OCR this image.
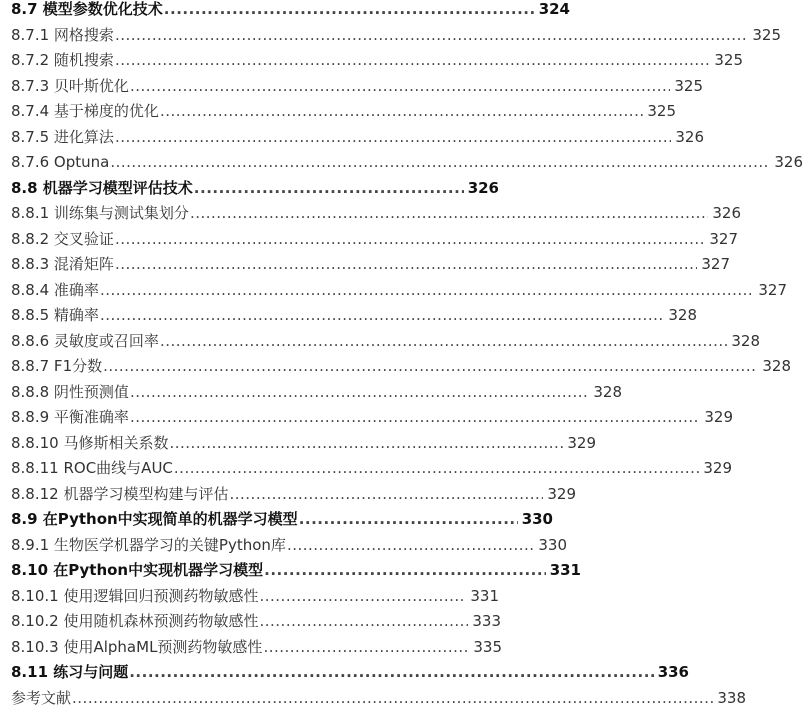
8.7 模型参数优化技术 .....	324
8.7.1 网格搜索 .....	325
8.7.2 随机搜索 .....	325
8.7.3 贝叶斯优化 .....	325
8.7.4 基于梯度的优化 .....	325
8.7.5 进化算法 .....	326
8.7.6 Optuna .....	326
8.8 机器学习模型评估技术 .....	326
8.8.1 训练集与测试集划分 .....	326
8.8.2 交叉验证 .....	327
8.8.3 混淆矩阵 .....	327
8.8.4 准确率 .....	327
8.8.5 精确率 .....	328
8.8.6 灵敏度或召回率 .....	328
8.8.7 F1分数 .....	328
8.8.8 阴性预测值 .....	328
8.8.9 平衡准确率 .....	329
8.8.10 马修斯相关系数 .....	329
8.8.11 ROC曲线与AUC .....	329
8.8.12 机器学习模型构建与评估 .....	329
8.9 在Python中实现简单的机器学习模型 .....	330
8.9.1 生物医学机器学习的关键Python库 .....	330
8.10 在Python中实现机器学习模型 .....	331
8.10.1 使用逻辑回归预测药物敏感性 .....	331
8.10.2 使用随机森林预测药物敏感性 .....	333
8.10.3 使用AlphaML预测药物敏感性 .....	335
8.11 练习与问题 .....	336
参考文献 .....	338
